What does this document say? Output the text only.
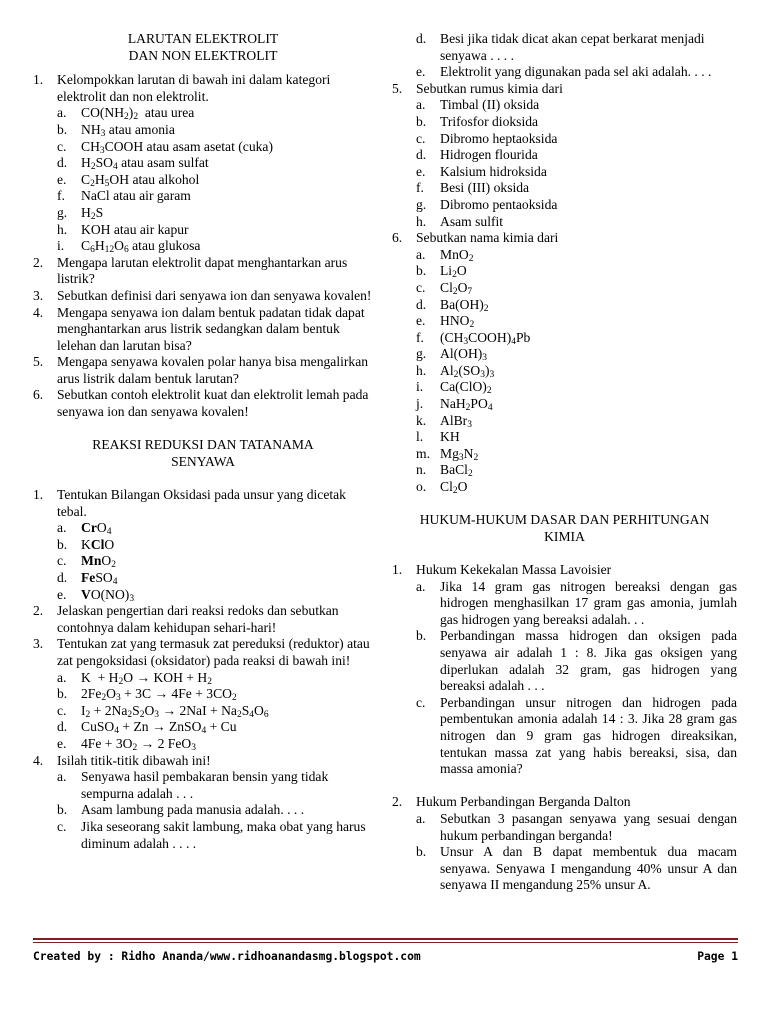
LARUTAN ELEKTROLIT

DAN NON ELEKTROLIT

1. Kelompokkan larutan di bawah ini dalam kategori elektrolit dan non elektrolit.

a. $CO(NH_2)_2$ atau urea

b. $NH_3$ atau amonia

c. $CH_3COOH$ atau asam asetat (cuka)

d. $H_2SO_4$ atau asam sulfat

e. $C_2H_5OH$ atau alkohol

f. NaCl atau air garam

g. $H_2S$

h. KOH atau air kapur

i. $C_6H_{12}O_6$ atau glukosa

2. Mengapa larutan elektrolit dapat menghantarkan arus listrik?

3. Sebutkan definisi dari senyawa ion dan senyawa kovalen!

4. Mengapa senyawa ion dalam bentuk padatan tidak dapat menghantarkan arus listrik sedangkan dalam bentuk lelehan dan larutan bisa?

5. Mengapa senyawa kovalen polar hanya bisa mengalirkan arus listrik dalam bentuk larutan?

6. Sebutkan contoh elektrolit kuat dan elektrolit lemah pada senyawa ion dan senyawa kovalen!

REAKSI REDUKSI DAN TATANAMA

SENYAWA

1. Tentukan Bilangan Oksidasi pada unsur yang dicetak tebal.

a. CrO$_4$

b. KClO

c. MnO$_2$

d. FeSO$_4$

e. $VO(NO)_3$

2. Jelaskan pengertian dari reaksi redoks dan sebutkan contohnya dalam kehidupan sehari-hari!

3. Tentukan zat yang termasuk zat pereduksi (reduktor) atau zat pengoksidasi (oksidator) pada reaksi di bawah ini!

a. $K + H_2O$ → KOH + $H_2$

b. $2Fe_2O_3 + 3C \to 4Fe + 3CO_2$

c. $I_2 + 2Na_2S_2O_3 \to 2NaI + Na_2S_4O_6$

d. CuSO$_4$ + Zn → ZnSO$_4$ + Cu

e. $4Fe + 3O_2 \to 2$ FeO$_3$

4. Isilah titik-titik dibawah ini!

a. Senyawa hasil pembakaran bensin yang tidak sempurna adalah . . .

b. Asam lambung pada manusia adalah. . . .

c. Jika seseorang sakit lambung, maka obat yang harus diminum adalah . . . .

d. Besi jika tidak dicat akan cepat berkarat menjadi senyawa . . . .

e. Elektrolit yang digunakan pada sel aki adalah. . . .

5. Sebutkan rumus kimia dari

a. Timbal (II) oksida

b. Trifosfor dioksida

c. Dibromo heptaoksida

d. Hidrogen flourida

e. Kalsium hidroksida

f. Besi (III) oksida

g. Dibromo pentaoksida

h. Asam sulfit

6. Sebutkan nama kimia dari

a. MnO$_2$

b. $Li_2O$

c. $Cl_2O_7$

d. $Ba(OH)_2$

e. $HNO_2$

f. $(CH_3COOH)_4Pb$

g. $Al(OH)_3$

h. $Al_2(SO_3)_3$

i. $Ca(ClO)_2$

j. $NaH_2PO_4$

k. AlBr$_3$

l. KH

m. $Mg_3N_2$

n. BaCl$_2$

o. $Cl_2O$

HUKUM-HUKUM DASAR DAN PERHITUNGAN

KIMIA

1. Hukum Kekekalan Massa Lavoisier

a. Jika 14 gram gas nitrogen bereaksi dengan gas hidrogen menghasilkan 17 gram gas amonia, jumlah gas hidrogen yang bereaksi adalah. . .

b. Perbandingan massa hidrogen dan oksigen pada senyawa air adalah 1 : 8. Jika gas oksigen yang diperlukan adalah 32 gram, gas hidrogen yang bereaksi adalah . . .

c. Perbandingan unsur nitrogen dan hidrogen pada pembentukan amonia adalah 14 : 3. Jika 28 gram gas nitrogen dan 9 gram gas hidrogen direaksikan, tentukan massa zat yang habis bereaksi, sisa, dan massa amonia?

2. Hukum Perbandingan Berganda Dalton

a. Sebutkan 3 pasangan senyawa yang sesuai dengan hukum perbandingan berganda!

b. Unsur A dan B dapat membentuk dua macam senyawa. Senyawa I mengandung 40% unsur A dan senyawa II mengandung 25% unsur A.

Created by : Ridho Ananda/www.ridhoanandasmg.blogspot.com	Page 1
